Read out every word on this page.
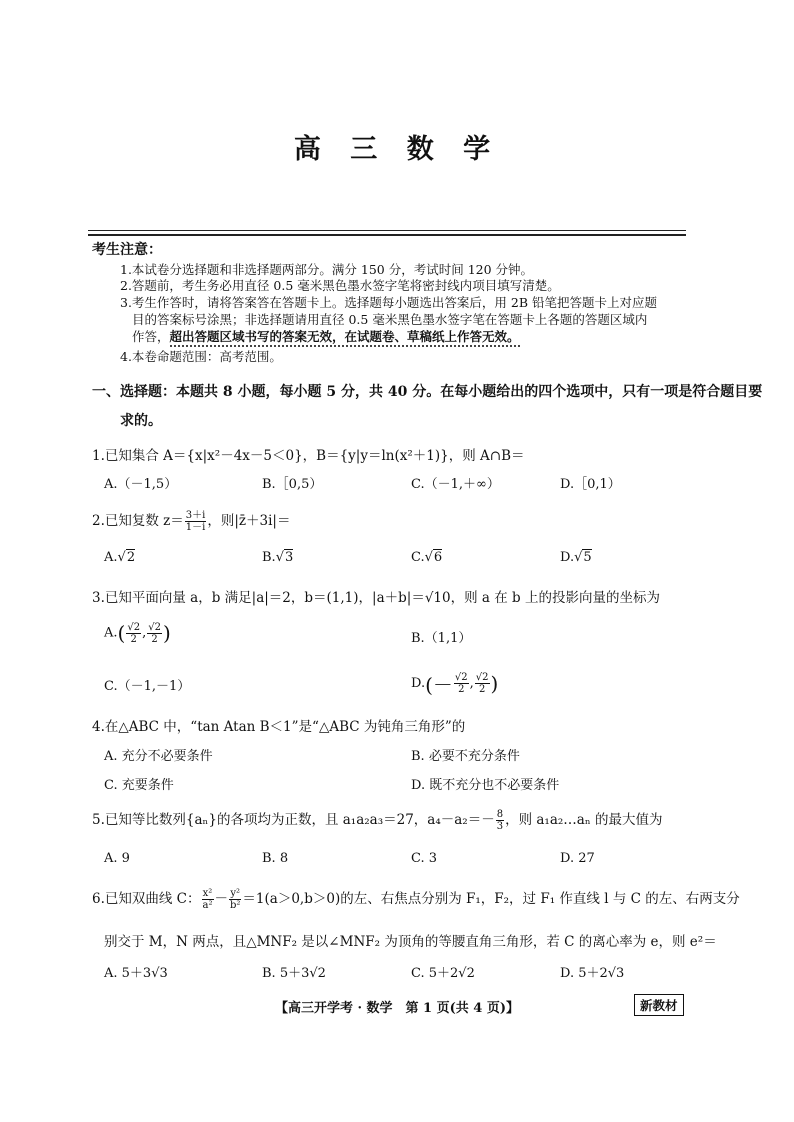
高 三 数 学
考生注意：
1.本试卷分选择题和非选择题两部分。满分 150 分，考试时间 120 分钟。
2.答题前，考生务必用直径 0.5 毫米黑色墨水签字笔将密封线内项目填写清楚。
3.考生作答时，请将答案答在答题卡上。选择题每小题选出答案后，用 2B 铅笔把答题卡上对应题
目的答案标号涂黑；非选择题请用直径 0.5 毫米黑色墨水签字笔在答题卡上各题的答题区域内
作答，超出答题区域书写的答案无效，在试题卷、草稿纸上作答无效。
4.本卷命题范围：高考范围。
一、选择题：本题共 8 小题，每小题 5 分，共 40 分。在每小题给出的四个选项中，只有一项是符合题目要
求的。
1.已知集合 A＝{x|x²－4x－5＜0}，B＝{y|y＝ln(x²＋1)}，则 A∩B＝
A.（－1,5）	B.［0,5）	C.（－1,＋∞）	D.［0,1）
2.已知复数 $z= \frac{3+i}{1-i}$ ，则|z̄＋3i|＝
A.√2	B.√3	C.√6	D.√5
3.已知平面向量 a，b 满足|a|＝2，b＝(1,1)，|a＋b|＝√10，则 a 在 b 上的投影向量的坐标为
$A.( \frac{√2}{2}$ , $\frac{√2}{2}$ )	B.（1,1）
C.（－1,－1）	$D.(- \frac{√2}{2}$ , $\frac{√2}{2}$ )
4.在△ABC 中，“tan Atan B＜1”是“△ABC 为钝角三角形”的
A. 充分不必要条件	B. 必要不充分条件
C. 充要条件	D. 既不充分也不必要条件
5.已知等比数列{aₙ}的各项均为正数，且 a₁a₂a₃＝27，$a_4-a_2=- \frac{8}{3}$ ，则 a₁a₂…aₙ 的最大值为
A. 9	B. 8	C. 3	D. 27
6.已知双曲线 C： $\frac{\text{x²}}{\text{a²}} - \frac{\text{y²}}{\text{b²}} =1(a>0,b>0)$的左、右焦点分别为 F₁，F₂，过 F₁ 作直线 l 与 C 的左、右两支分
别交于 M，N 两点，且△MNF₂ 是以∠MNF₂ 为顶角的等腰直角三角形，若 C 的离心率为 e，则 e²＝
A. 5＋3√3	B. 5＋3√2	C. 5＋2√2	D. 5＋2√3
【高三开学考 · 数学　第 1 页(共 4 页)】	新教材
